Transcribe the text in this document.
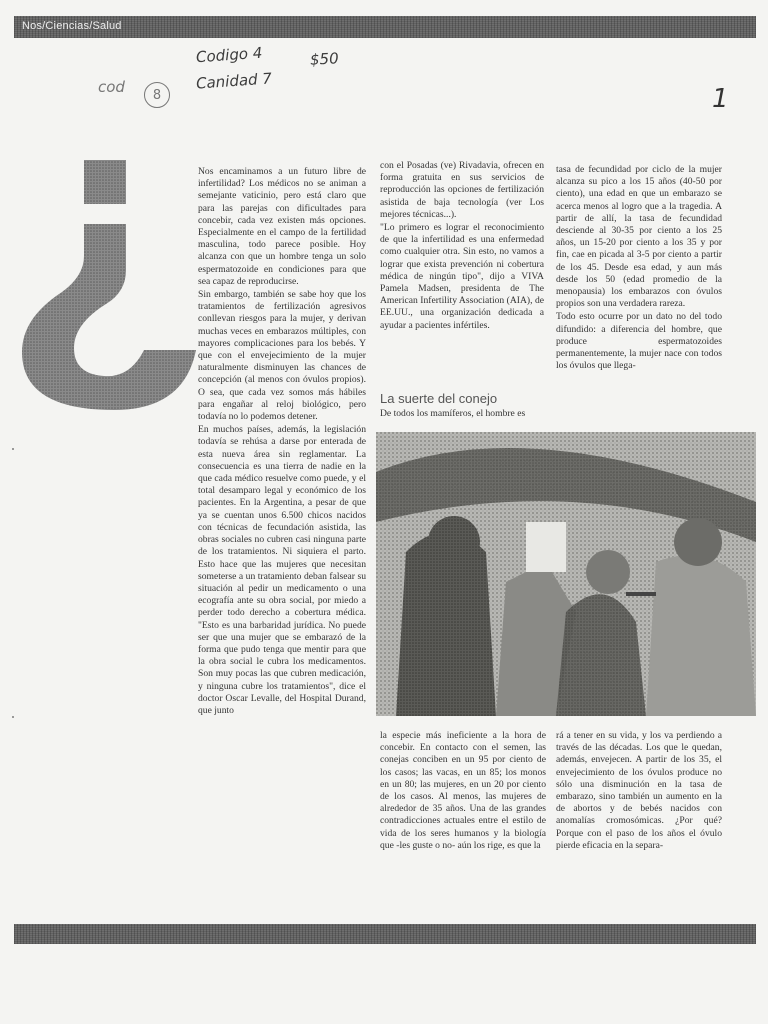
Nos/Ciencias/Salud
Codigo 4	$50
Canidad 7
cod	8	1

Nos encaminamos a un futuro libre de infertilidad? Los médicos no se animan a semejante vaticinio, pero está claro que para las parejas con dificultades para concebir, cada vez existen más opciones. Especialmente en el campo de la fertilidad masculina, todo parece posible. Hoy alcanza con que un hombre tenga un solo espermatozoide en condiciones para que sea capaz de reproducirse.

Sin embargo, también se sabe hoy que los tratamientos de fertilización agresivos conllevan riesgos para la mujer, y derivan muchas veces en embarazos múltiples, con mayores complicaciones para los bebés. Y que con el envejecimiento de la mujer naturalmente disminuyen las chances de concepción (al menos con óvulos propios). O sea, que cada vez somos más hábiles para engañar al reloj biológico, pero todavía no lo podemos detener.

En muchos países, además, la legislación todavía se rehúsa a darse por enterada de esta nueva área sin reglamentar. La consecuencia es una tierra de nadie en la que cada médico resuelve como puede, y el total desamparo legal y económico de los pacientes. En la Argentina, a pesar de que ya se cuentan unos 6.500 chicos nacidos con técnicas de fecundación asistida, las obras sociales no cubren casi ninguna parte de los tratamientos. Ni siquiera el parto. Esto hace que las mujeres que necesitan someterse a un tratamiento deban falsear su situación al pedir un medicamento o una ecografía ante su obra social, por miedo a perder todo derecho a cobertura médica. "Esto es una barbaridad jurídica. No puede ser que una mujer que se embarazó de la forma que pudo tenga que mentir para que la obra social le cubra los medicamentos. Son muy pocas las que cubren medicación, y ninguna cubre los tratamientos", dice el doctor Oscar Levalle, del Hospital Durand, que junto

con el Posadas (ve) Rivadavia, ofrecen en forma gratuita en sus servicios de reproducción las opciones de fertilización asistida de baja tecnología (ver Los mejores técnicas...).

"Lo primero es lograr el reconocimiento de que la infertilidad es una enfermedad como cualquier otra. Sin esto, no vamos a lograr que exista prevención ni cobertura médica de ningún tipo", dijo a VIVA Pamela Madsen, presidenta de The American Infertility Association (AIA), de EE.UU., una organización dedicada a ayudar a pacientes infértiles.

La suerte del conejo
De todos los mamíferos, el hombre es

tasa de fecundidad por ciclo de la mujer alcanza su pico a los 15 años (40-50 por ciento), una edad en que un embarazo se acerca menos al logro que a la tragedia. A partir de allí, la tasa de fecundidad desciende al 30-35 por ciento a los 25 años, un 15-20 por ciento a los 35 y por fin, cae en picada al 3-5 por ciento a partir de los 45. Desde esa edad, y aun más desde los 50 (edad promedio de la menopausia) los embarazos con óvulos propios son una verdadera rareza.

Todo esto ocurre por un dato no del todo difundido: a diferencia del hombre, que produce espermatozoides permanentemente, la mujer nace con todos los óvulos que llega-

la especie más ineficiente a la hora de concebir. En contacto con el semen, las conejas conciben en un 95 por ciento de los casos; las vacas, en un 85; los monos en un 80; las mujeres, en un 20 por ciento de los casos. Al menos, las mujeres de alrededor de 35 años. Una de las grandes contradicciones actuales entre el estilo de vida de los seres humanos y la biología que -les guste o no- aún los rige, es que la
rá a tener en su vida, y los va perdiendo a través de las décadas. Los que le quedan, además, envejecen. A partir de los 35, el envejecimiento de los óvulos produce no sólo una disminución en la tasa de embarazo, sino también un aumento en la de abortos y de bebés nacidos con anomalías cromosómicas. ¿Por qué? Porque con el paso de los años el óvulo pierde eficacia en la separa-
